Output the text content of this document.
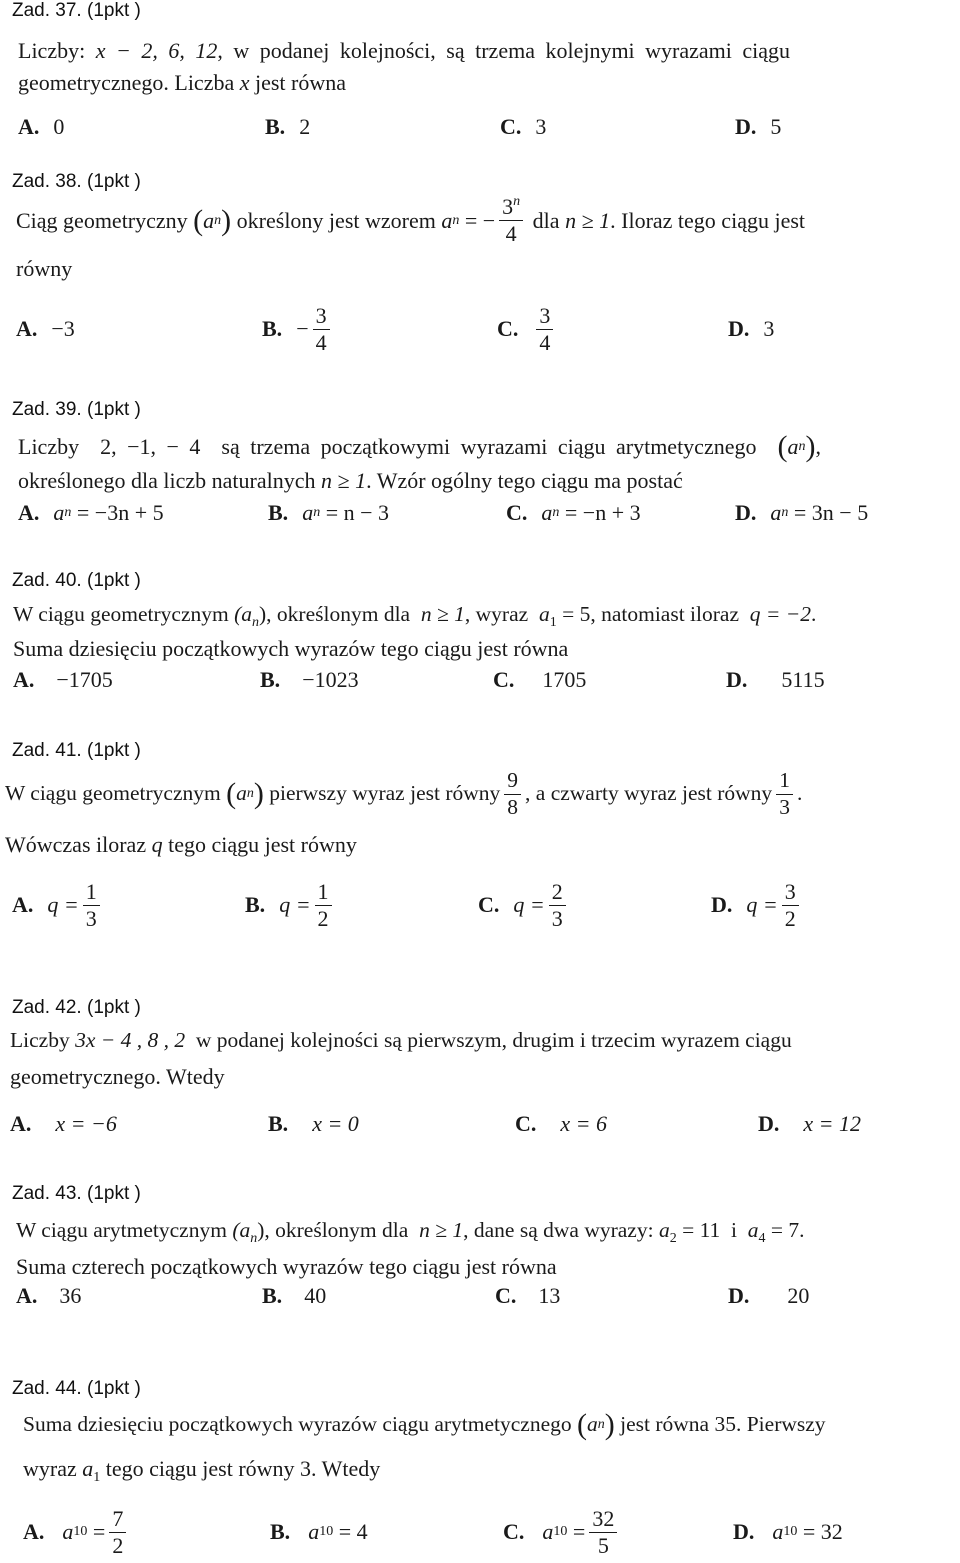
Zad. 37. (1pkt )
Liczby: x − 2, 6, 12, w podanej kolejności, są trzema kolejnymi wyrazami ciągu
geometrycznego. Liczba x jest równa
A. 0	B. 2	C. 3	D. 5
Zad. 38. (1pkt )
Ciąg geometryczny
( a n )
określony jest wzorem
a n
= − $\frac{3^n}{4}$
dla
n ≥ 1 . Iloraz tego ciągu jest
równy
A. −3	B. − $\frac{3}{4}$	C. $\frac{3}{4}$	D. 3
Zad. 39. (1pkt )
Liczby
2, −1, − 4
są trzema początkowymi wyrazami ciągu arytmetycznego
( a n ) ,
określonego dla liczb naturalnych n ≥ 1. Wzór ogólny tego ciągu ma postać
A. a n
= −3n + 5	B. a n
= n − 3	C. a n
= −n + 3	D. a n
= 3n − 5
Zad. 40. (1pkt )
W ciągu geometrycznym $(a_n)$, określonym dla n ≥ 1, wyraz $a_1 = 5$, natomiast iloraz q = −2.
Suma dziesięciu początkowych wyrazów tego ciągu jest równa
A. −1705	B. −1023	C. 1705	D. 5115
Zad. 41. (1pkt )
W ciągu geometrycznym
( a n )
pierwszy wyraz jest równy $\frac{9}{8}$ , a czwarty wyraz jest równy $\frac{1}{3}$ .
Wówczas iloraz q tego ciągu jest równy
A. $q = \frac{1}{3}$	B. $q = \frac{1}{2}$	C. $q = \frac{2}{3}$	D. $q = \frac{3}{2}$
Zad. 42. (1pkt )
Liczby 3x − 4 , 8 , 2 w podanej kolejności są pierwszym, drugim i trzecim wyrazem ciągu
geometrycznego. Wtedy
A. x = −6	B. x = 0	C. x = 6	D. x = 12
Zad. 43. (1pkt )
W ciągu arytmetycznym $(a_n)$, określonym dla n ≥ 1, dane są dwa wyrazy: $a_2 = 11$ i $a_4 = 7$.
Suma czterech początkowych wyrazów tego ciągu jest równa
A. 36	B. 40	C. 13	D. 20
Zad. 44. (1pkt )
Suma dziesięciu początkowych wyrazów ciągu arytmetycznego
( a n )
jest równa 35. Pierwszy
wyraz $a_1$ tego ciągu jest równy 3. Wtedy
A. a 10
= $\frac{7}{2}$	B. a 10
= 4	C. a 10
= $\frac{32}{5}$	D. a 10
= 32
